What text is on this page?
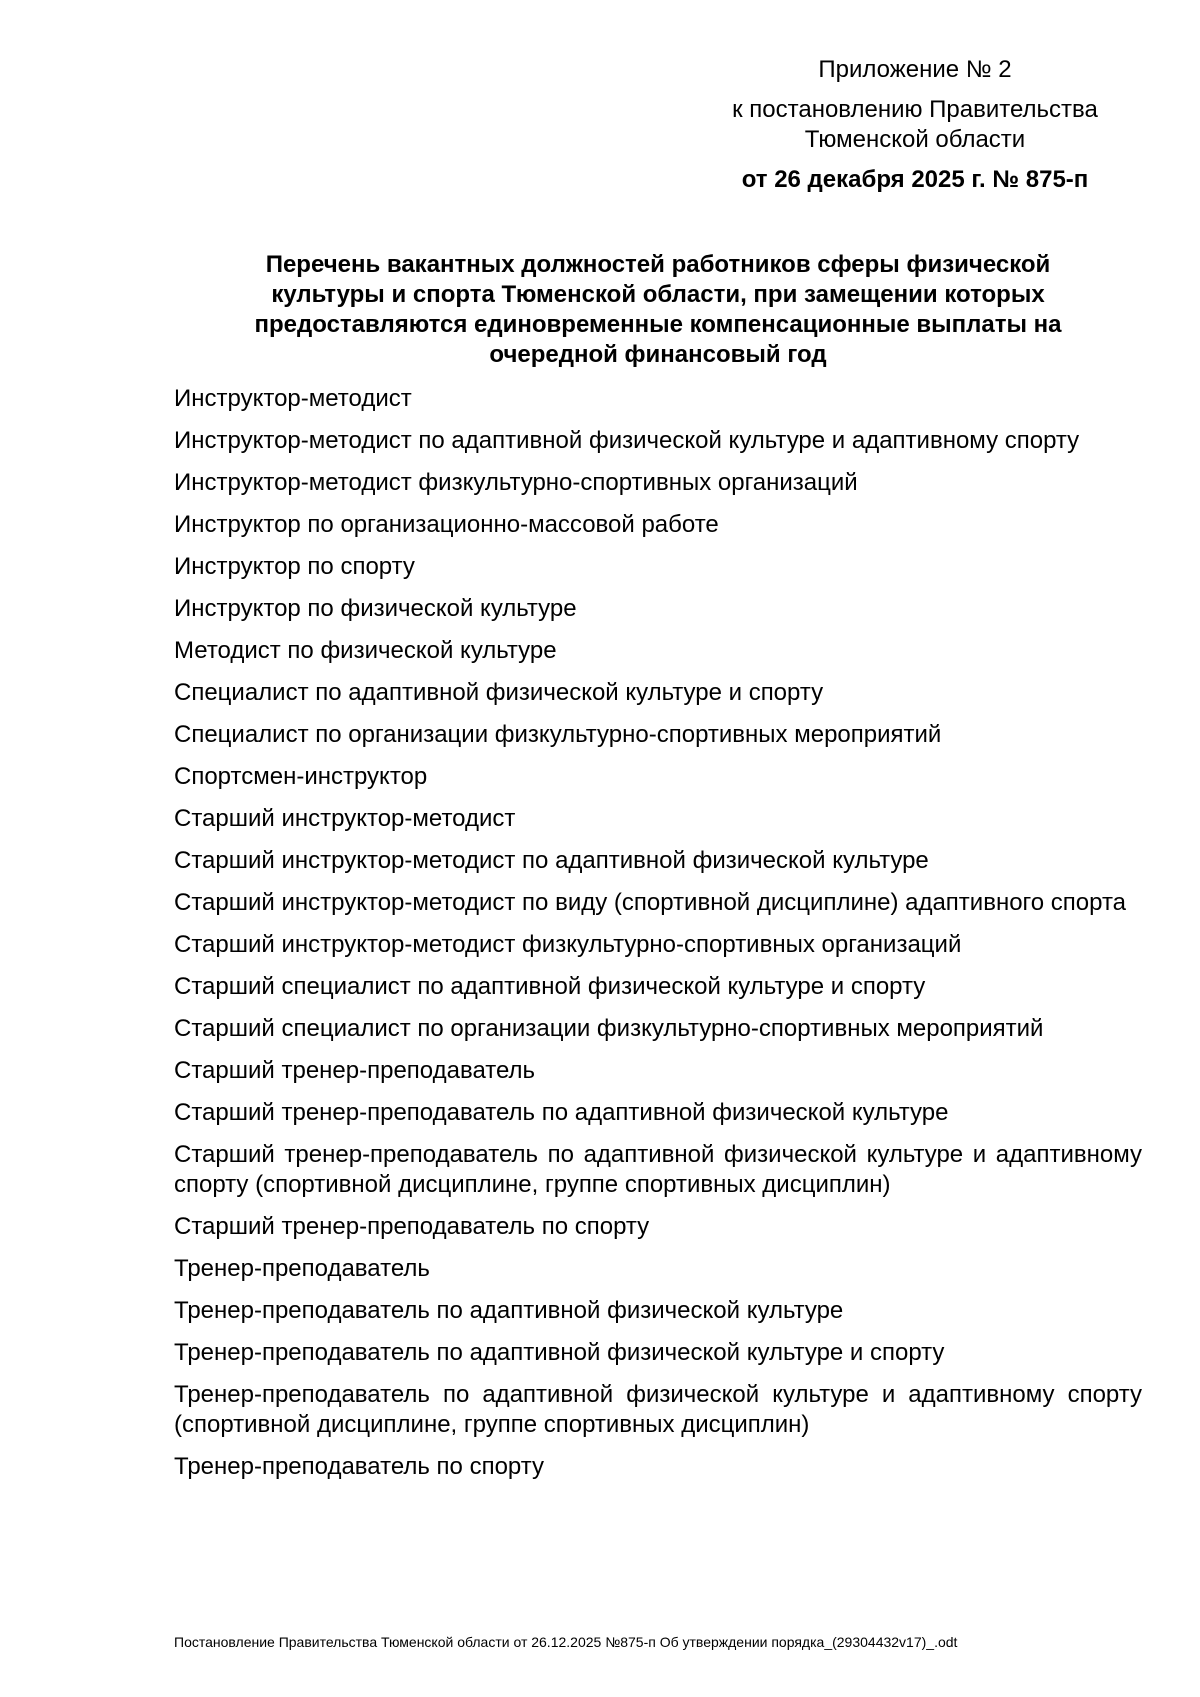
Приложение № 2
к постановлению Правительства
Тюменской области
от 26 декабря 2025 г. № 875-п
Перечень вакантных должностей работников сферы физической
культуры и спорта Тюменской области, при замещении которых
предоставляются единовременные компенсационные выплаты на
очередной финансовый год
Инструктор-методист
Инструктор-методист по адаптивной физической культуре и адаптивному спорту
Инструктор-методист физкультурно-спортивных организаций
Инструктор по организационно-массовой работе
Инструктор по спорту
Инструктор по физической культуре
Методист по физической культуре
Специалист по адаптивной физической культуре и спорту
Специалист по организации физкультурно-спортивных мероприятий
Спортсмен-инструктор
Старший инструктор-методист
Старший инструктор-методист по адаптивной физической культуре
Старший инструктор-методист по виду (спортивной дисциплине) адаптивного спорта
Старший инструктор-методист физкультурно-спортивных организаций
Старший специалист по адаптивной физической культуре и спорту
Старший специалист по организации физкультурно-спортивных мероприятий
Старший тренер-преподаватель
Старший тренер-преподаватель по адаптивной физической культуре
Старший тренер-преподаватель по адаптивной физической культуре и адаптивному спорту (спортивной дисциплине, группе спортивных дисциплин)
Старший тренер-преподаватель по спорту
Тренер-преподаватель
Тренер-преподаватель по адаптивной физической культуре
Тренер-преподаватель по адаптивной физической культуре и спорту
Тренер-преподаватель по адаптивной физической культуре и адаптивному спорту (спортивной дисциплине, группе спортивных дисциплин)
Тренер-преподаватель по спорту
Постановление Правительства Тюменской области от 26.12.2025 №875-п Об утверждении порядка_(29304432v17)_.odt
